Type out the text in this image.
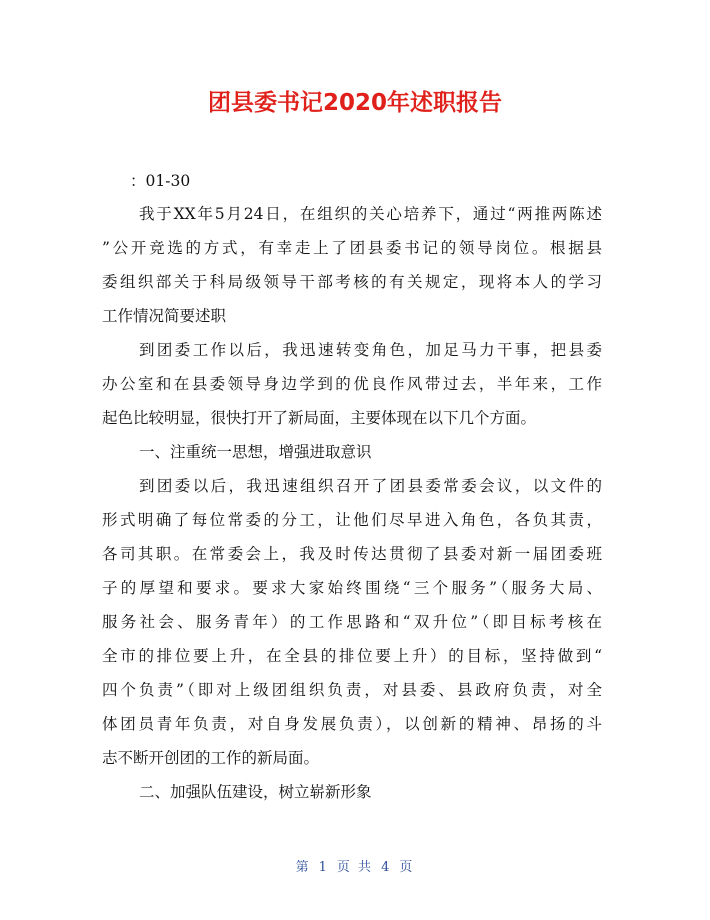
团县委书记2020年述职报告
：01-30
我于XX年5月24日，在组织的关心培养下，通过“两推两陈述
”公开竞选的方式，有幸走上了团县委书记的领导岗位。根据县
委组织部关于科局级领导干部考核的有关规定，现将本人的学习
工作情况简要述职
到团委工作以后，我迅速转变角色，加足马力干事，把县委
办公室和在县委领导身边学到的优良作风带过去，半年来，工作
起色比较明显，很快打开了新局面，主要体现在以下几个方面。
一、注重统一思想，增强进取意识
到团委以后，我迅速组织召开了团县委常委会议，以文件的
形式明确了每位常委的分工，让他们尽早进入角色，各负其责，
各司其职。在常委会上，我及时传达贯彻了县委对新一届团委班
子的厚望和要求。要求大家始终围绕“三个服务”（服务大局、
服务社会、服务青年）的工作思路和“双升位”（即目标考核在
全市的排位要上升，在全县的排位要上升）的目标，坚持做到“
四个负责”（即对上级团组织负责，对县委、县政府负责，对全
体团员青年负责，对自身发展负责），以创新的精神、昂扬的斗
志不断开创团的工作的新局面。
二、加强队伍建设，树立崭新形象
第 1 页 共 4 页
